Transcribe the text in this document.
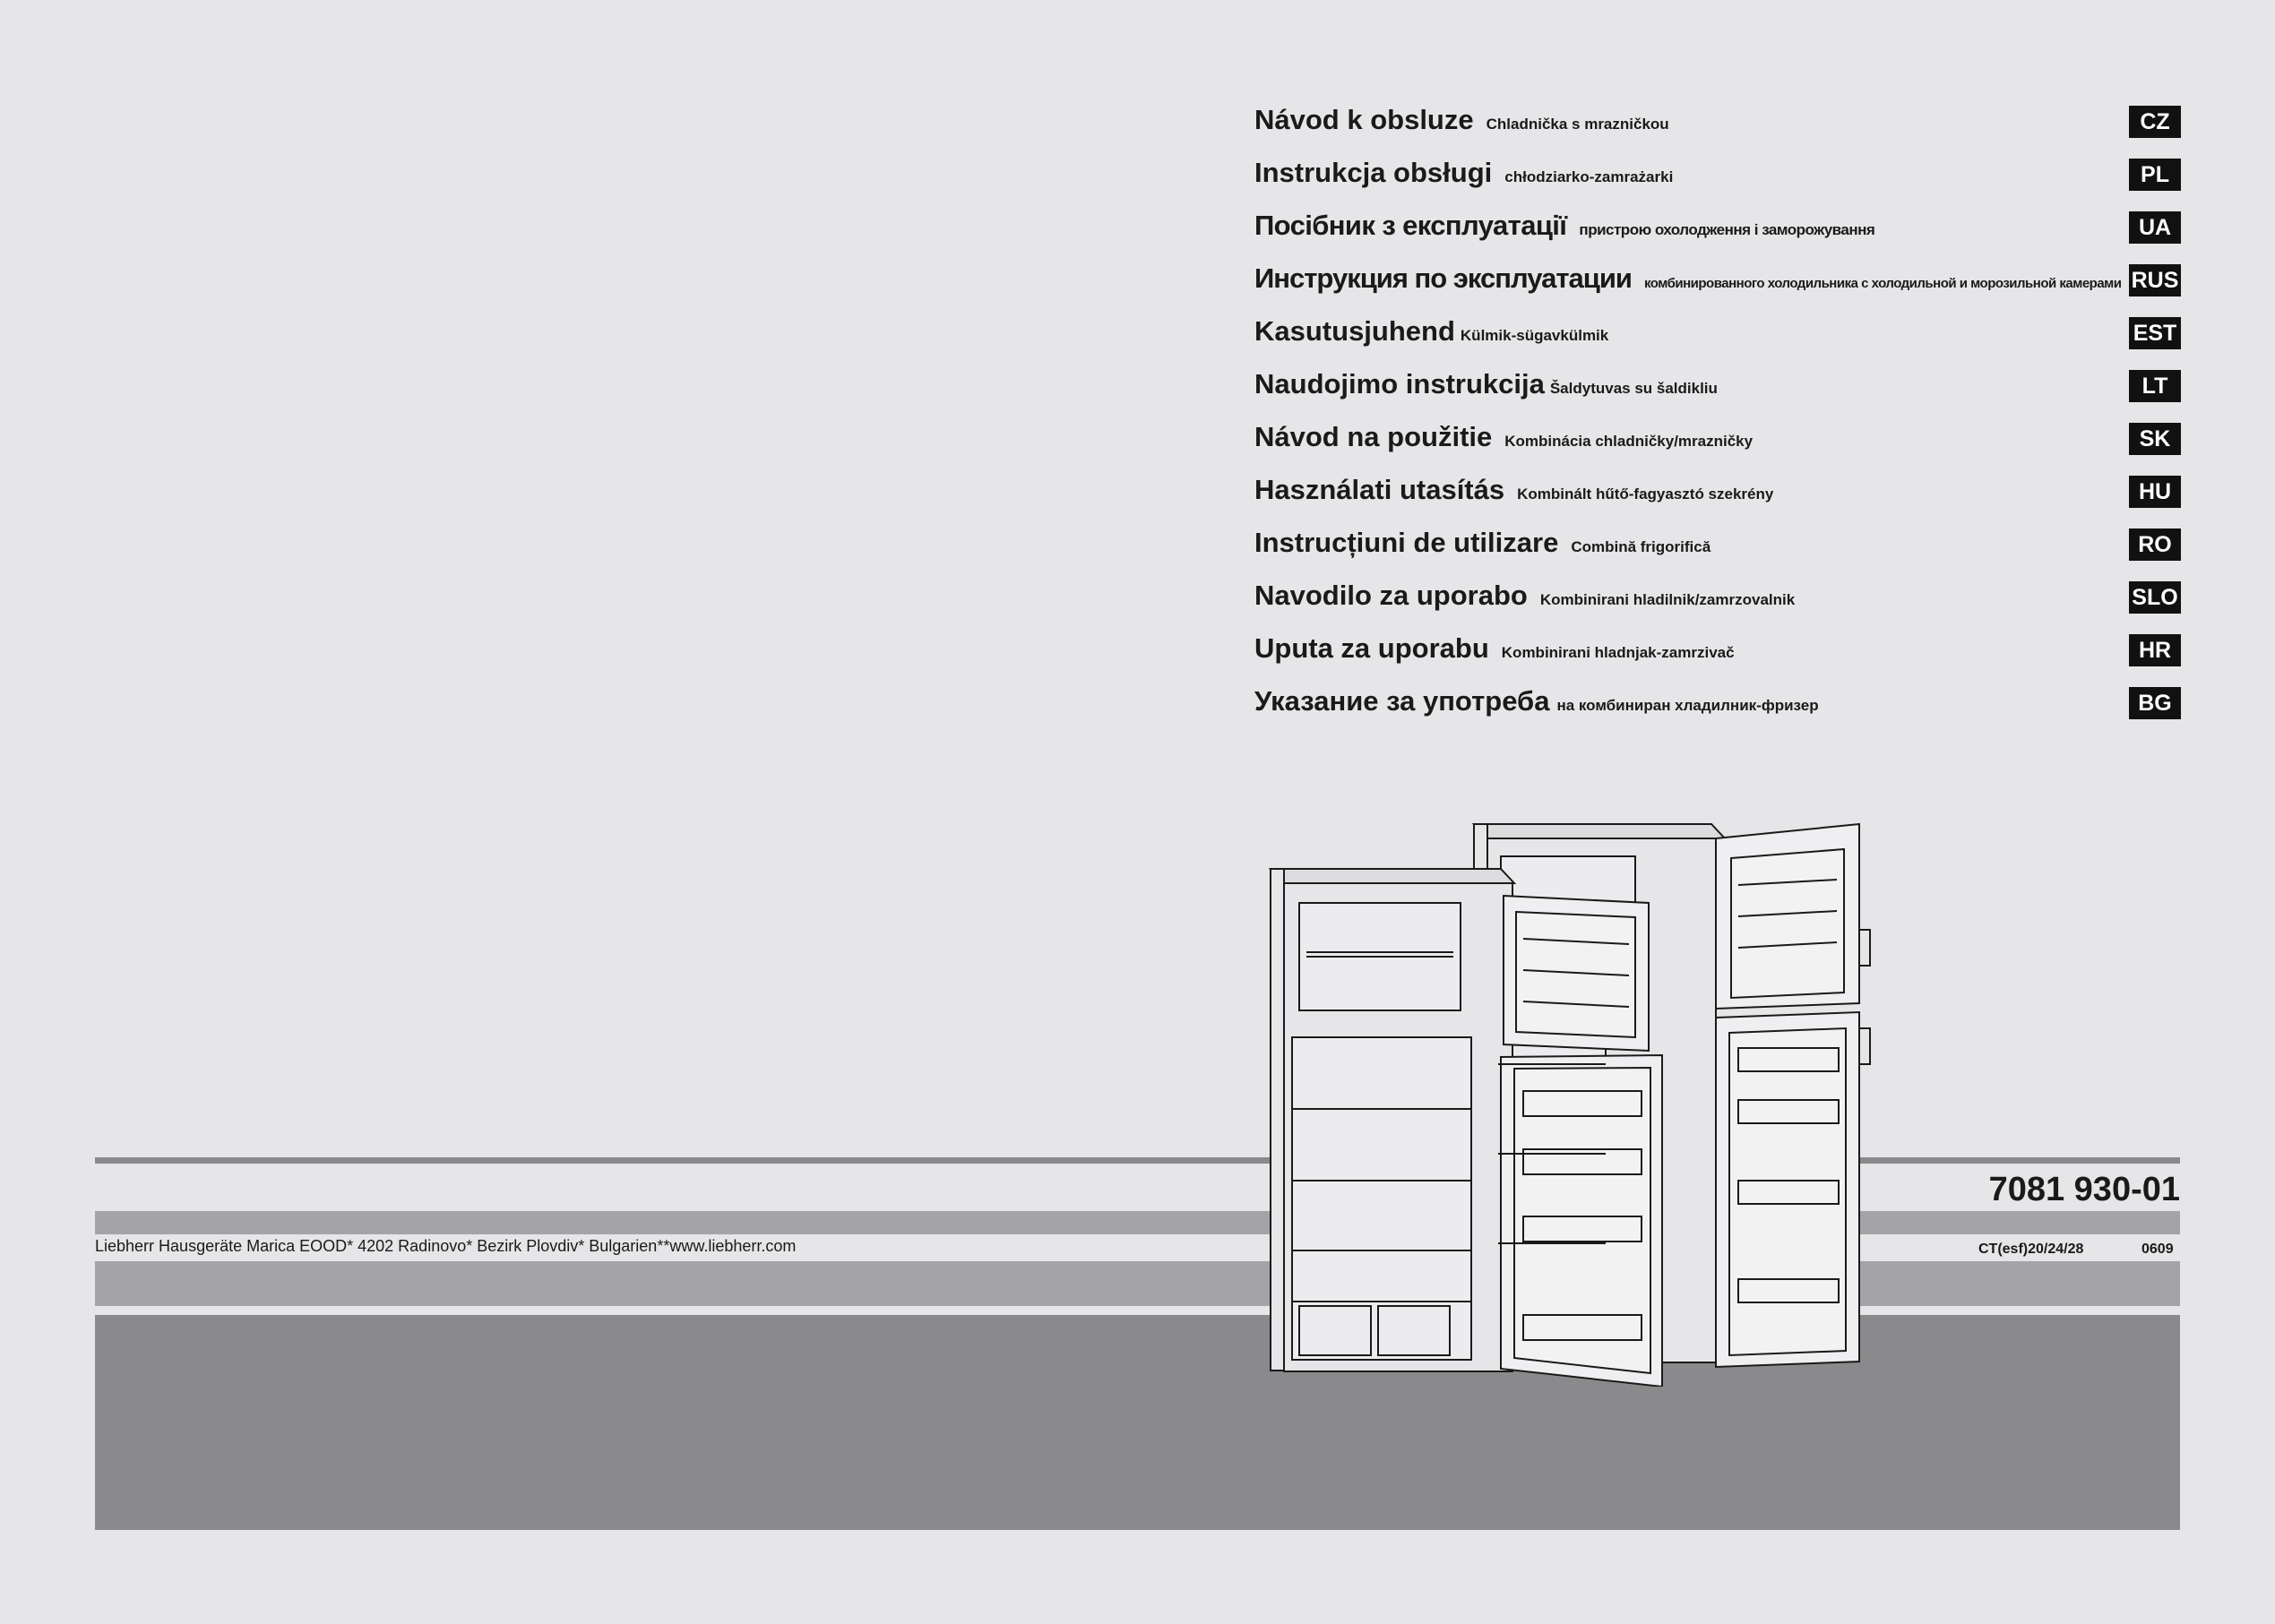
Návod k obsluze Chladnička s mrazničkou	CZ
Instrukcja obsługi chłodziarko-zamrażarki	PL
Посібник з експлуатації пристрою охолодження і заморожування	UA
Инструкция по эксплуатации комбинированного холодильника с холодильной и морозильной камерами RUS
Kasutusjuhend Külmik-sügavkülmik	EST
Naudojimo instrukcija Šaldytuvas su šaldikliu	LT
Návod na použitie Kombinácia chladničky/mrazničky	SK
Használati utasítás Kombinált hűtő-fagyasztó szekrény	HU
Instrucțiuni de utilizare Combină frigorifică	RO
Navodilo za uporabo Kombinirani hladilnik/zamrzovalnik	SLO
Uputa za uporabu Kombinirani hladnjak-zamrzivač	HR
Указание за употреба на комбиниран хладилник-фризер	BG
7081 930-01
Liebherr Hausgeräte Marica EOOD* 4202 Radinovo* Bezirk Plovdiv* Bulgarien**www.liebherr.com	CT(esf)20/24/28	0609
